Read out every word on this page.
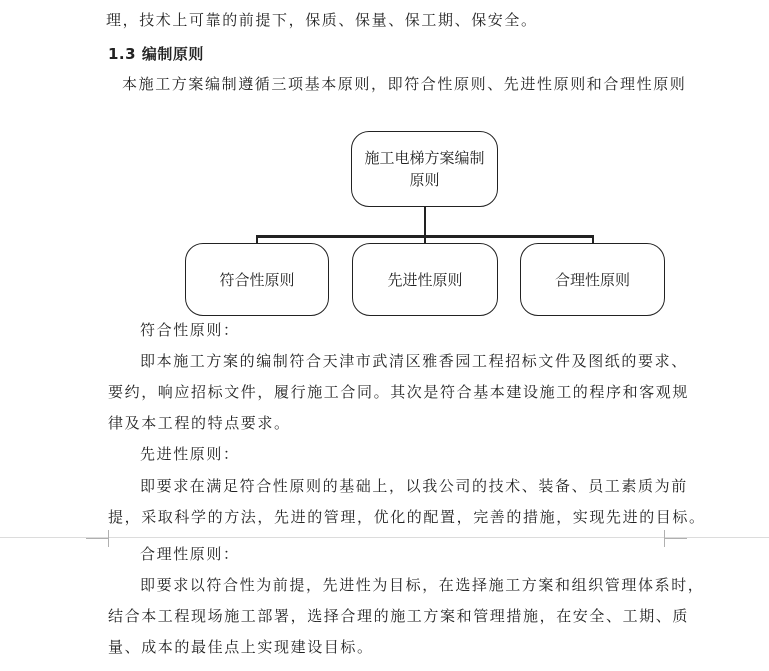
理，技术上可靠的前提下，保质、保量、保工期、保安全。
1.3 编制原则
本施工方案编制遵循三项基本原则，即符合性原则、先进性原则和合理性原则
施工电梯方案编制
原则
符合性原则	先进性原则	合理性原则
符合性原则：
即本施工方案的编制符合天津市武清区雅香园工程招标文件及图纸的要求、
要约，响应招标文件，履行施工合同。其次是符合基本建设施工的程序和客观规
律及本工程的特点要求。
先进性原则：
即要求在满足符合性原则的基础上，以我公司的技术、装备、员工素质为前
提，采取科学的方法，先进的管理，优化的配置，完善的措施，实现先进的目标。
合理性原则：
即要求以符合性为前提，先进性为目标，在选择施工方案和组织管理体系时，
结合本工程现场施工部署，选择合理的施工方案和管理措施，在安全、工期、质
量、成本的最佳点上实现建设目标。
